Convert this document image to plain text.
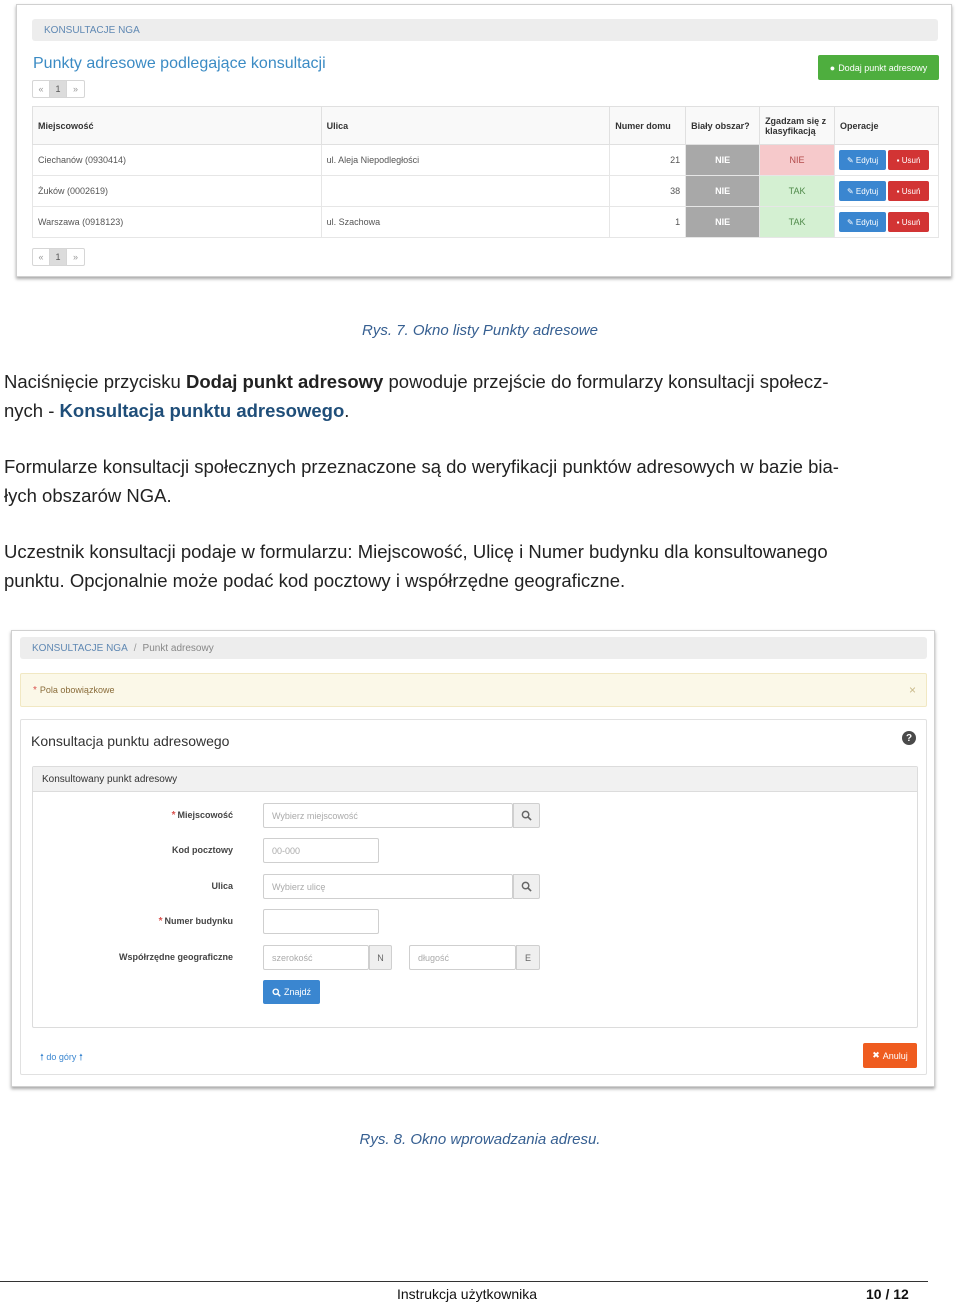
KONSULTACJE NGA
Punkty adresowe podlegające konsultacji	● Dodaj punkt adresowy
«	1	»
Miejscowość	Ulica	Numer domu	Biały obszar?	Zgadzam się z klasyfikacją	Operacje
Ciechanów (0930414)	ul. Aleja Niepodległości	21	NIE	NIE	✎ Edytuj ▪ Usuń

Żuków (0002619)		38	NIE	TAK	✎ Edytuj ▪ Usuń

Warszawa (0918123)	ul. Szachowa	1	NIE	TAK	✎ Edytuj ▪ Usuń
«	1	»
Rys. 7. Okno listy Punkty adresowe
Naciśnięcie przycisku Dodaj punkt adresowy powoduje przejście do formularzy konsultacji społecz-
nych - Konsultacja punktu adresowego.
Formularze konsultacji społecznych przeznaczone są do weryfikacji punktów adresowych w bazie bia-
łych obszarów NGA.
Uczestnik konsultacji podaje w formularzu: Miejscowość, Ulicę i Numer budynku dla konsultowanego
punktu. Opcjonalnie może podać kod pocztowy i współrzędne geograficzne.
KONSULTACJE NGA / Punkt adresowy
* Pola obowiązkowe	×
Konsultacja punktu adresowego	?
Konsultowany punkt adresowy
* Miejscowość	Wybierz miejscowość
Kod pocztowy	00-000
Ulica	Wybierz ulicę
* Numer budynku
Współrzędne geograficzne	szerokość	N	długość	E
Znajdź
🠕 do góry 🠕	✖ Anuluj
Rys. 8. Okno wprowadzania adresu.
Instrukcja użytkownika	10 / 12
